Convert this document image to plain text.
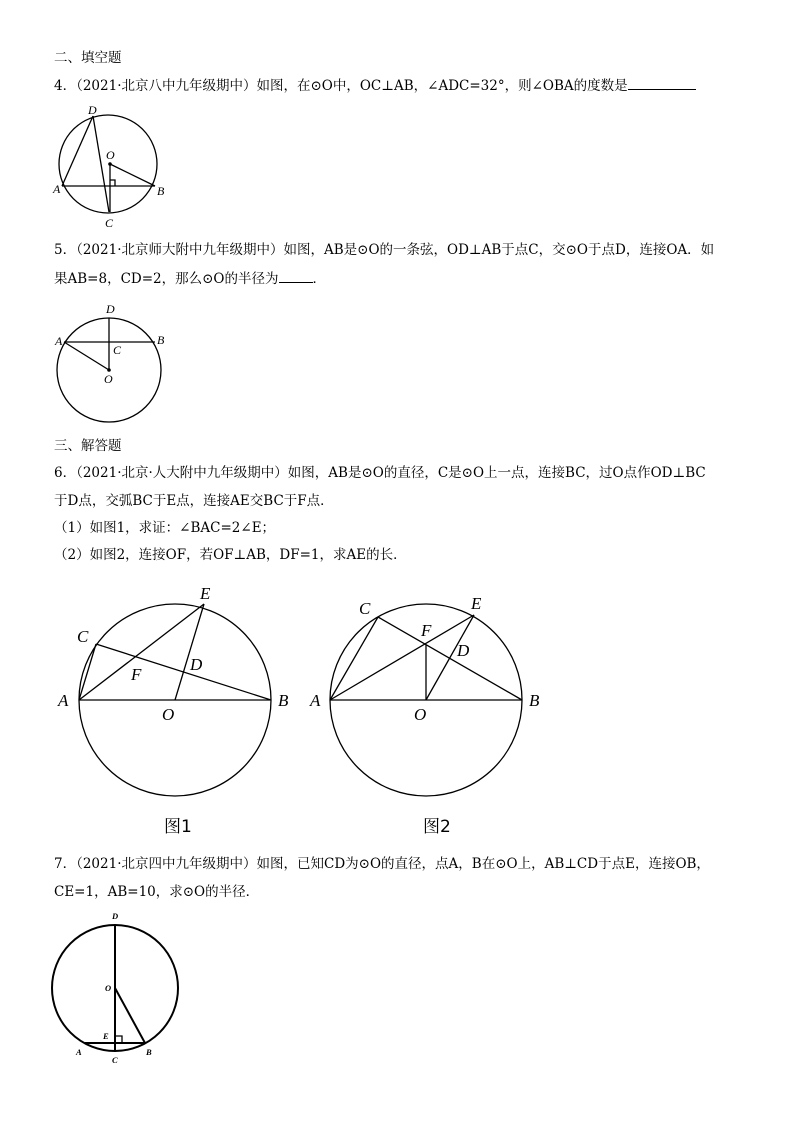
二、填空题
4．（2021·北京八中九年级期中）如图，在⊙O中，OC⊥AB，∠ADC=32°，则∠OBA的度数是
D
O
A	B
C
5．（2021·北京师大附中九年级期中）如图，AB是⊙O的一条弦，OD⊥AB于点C，交⊙O于点D，连接OA．如
果AB=8，CD=2，那么⊙O的半径为	．
D
A	B
C
O
三、解答题
6．（2021·北京·人大附中九年级期中）如图，AB是⊙O的直径，C是⊙O上一点，连接BC，过O点作OD⊥BC
于D点，交弧BC于E点，连接AE交BC于F点．
（1）如图1，求证：∠BAC=2∠E；
（2）如图2，连接OF，若OF⊥AB，DF=1，求AE的长．
E
C
F
D
A
O
B
图1
C	E
F
D
A
O
B
图2
7．（2021·北京四中九年级期中）如图，已知CD为⊙O的直径，点A，B在⊙O上，AB⊥CD于点E，连接OB，
CE=1，AB=10，求⊙O的半径．
D
O
E
A
C
B
